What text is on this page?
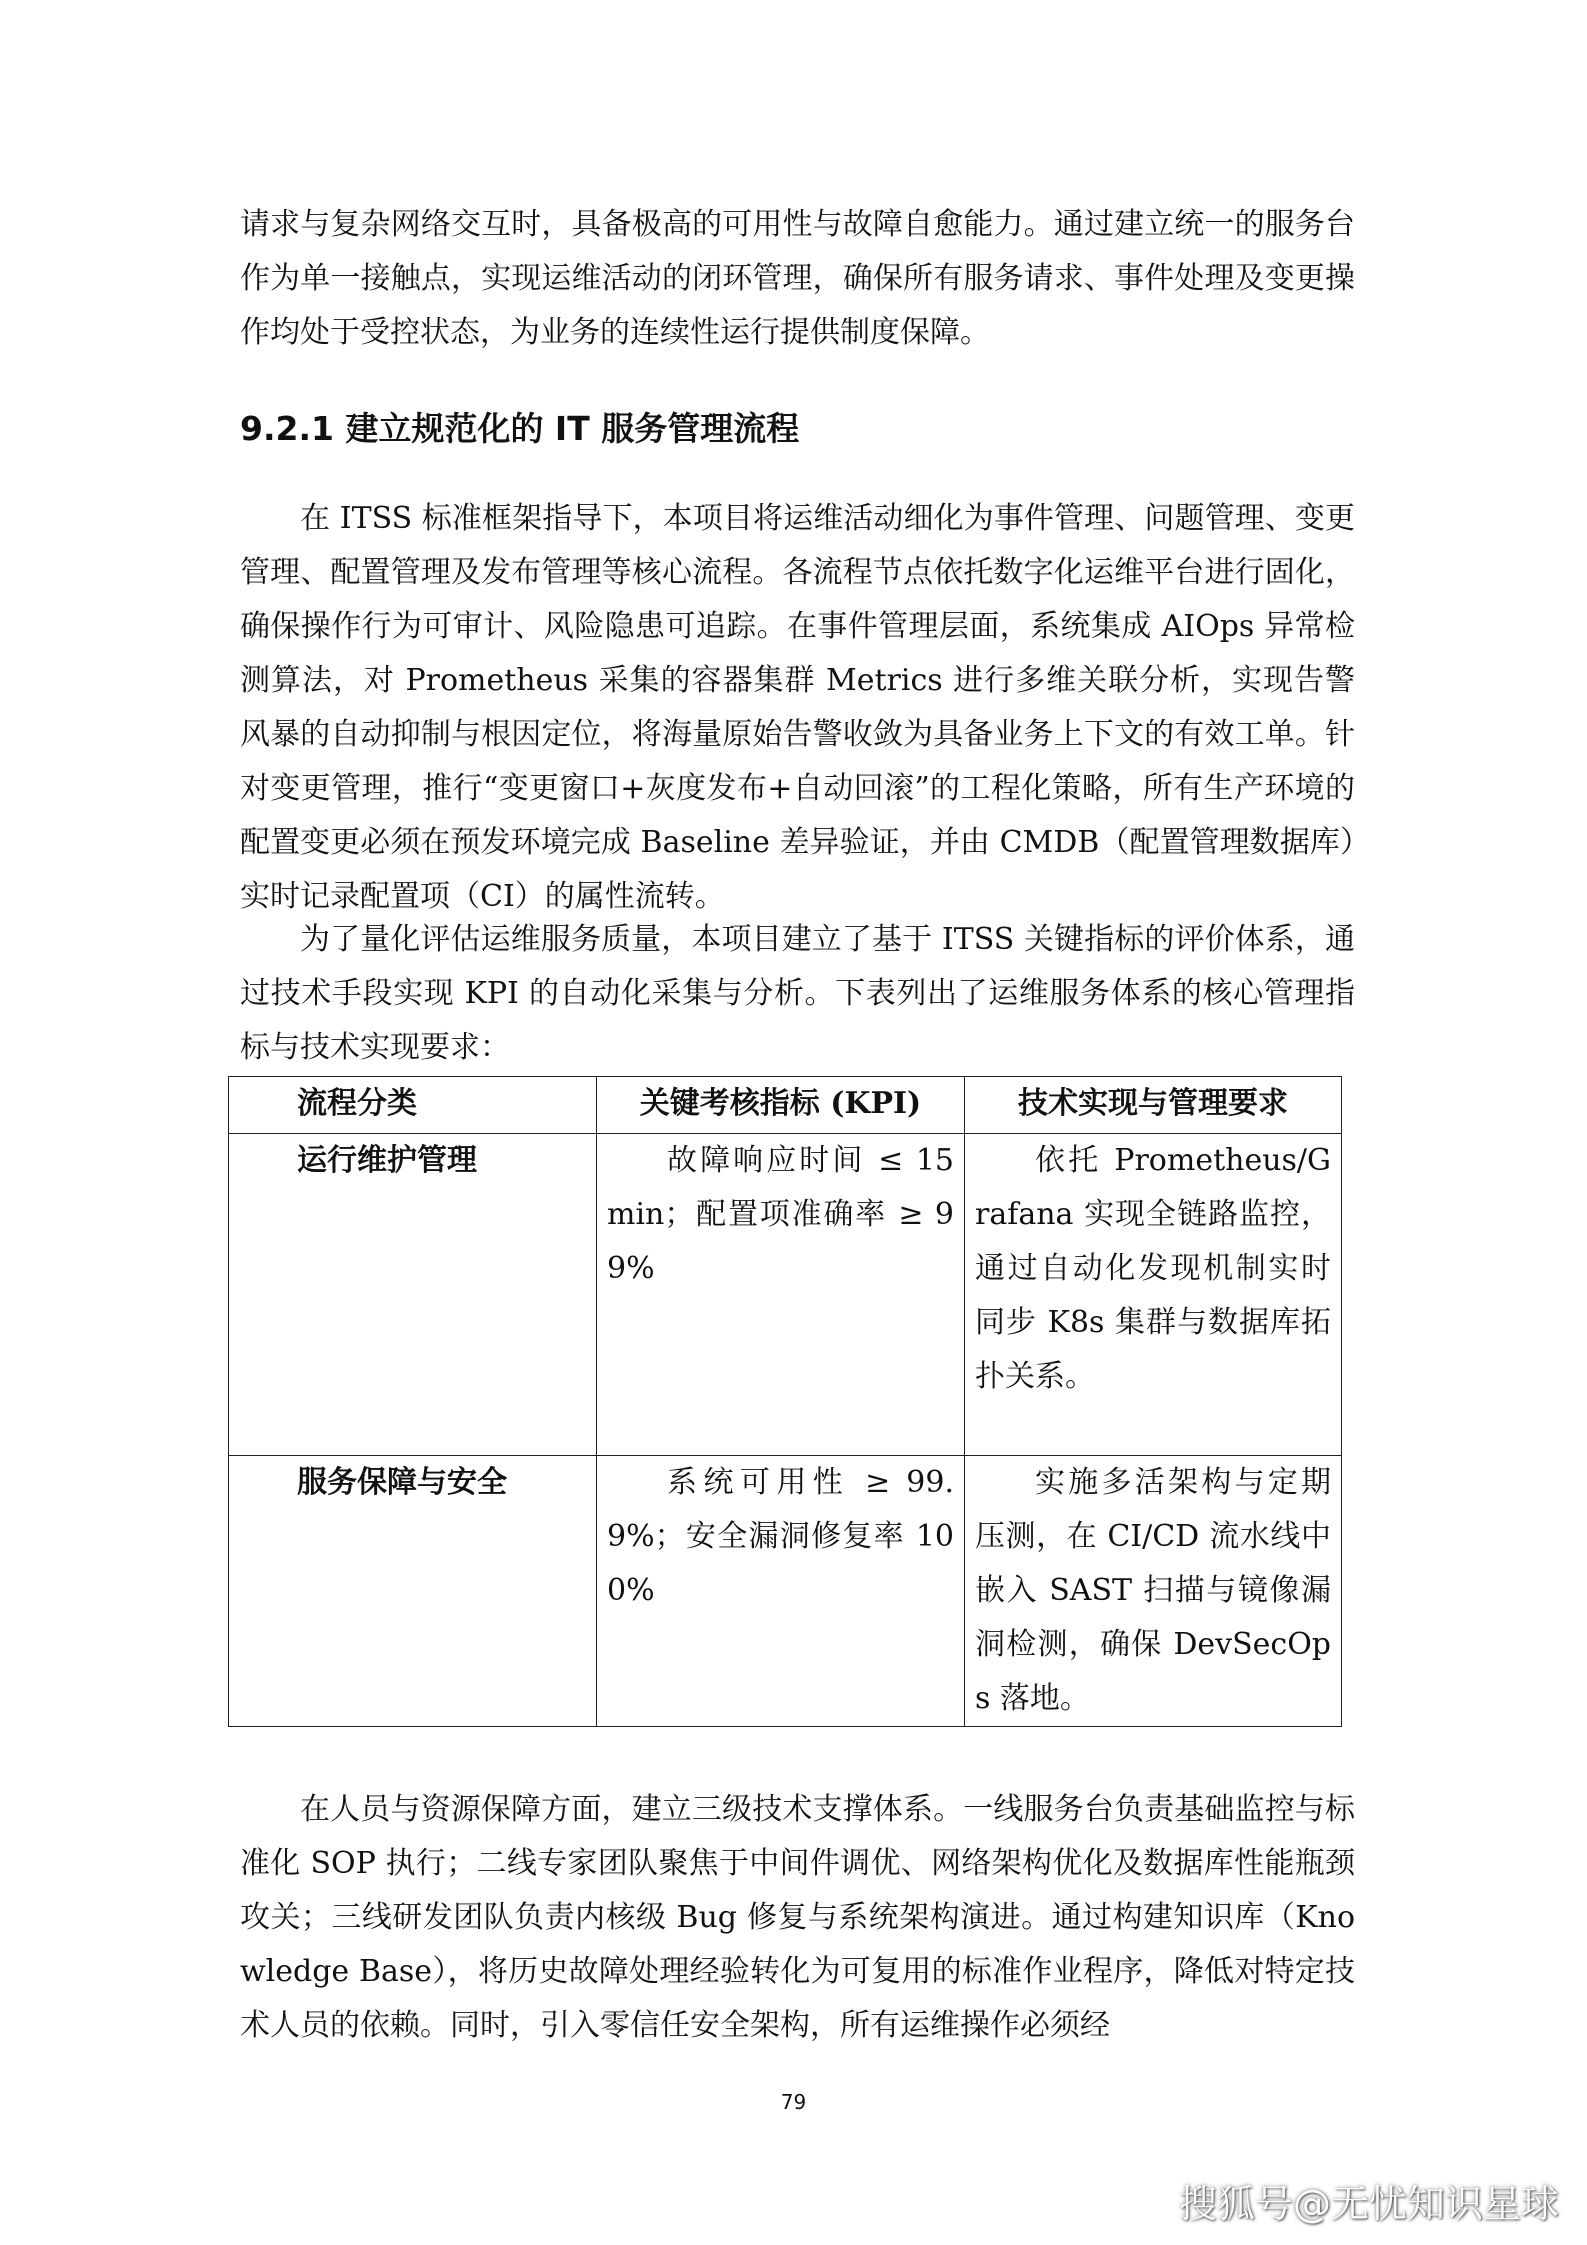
请求与复杂网络交互时，具备极高的可用性与故障自愈能力。通过建立统一的服务台作为单一接触点，实现运维活动的闭环管理，确保所有服务请求、事件处理及变更操作均处于受控状态，为业务的连续性运行提供制度保障。

9.2.1 建立规范化的 IT 服务管理流程

在 ITSS 标准框架指导下，本项目将运维活动细化为事件管理、问题管理、变更管理、配置管理及发布管理等核心流程。各流程节点依托数字化运维平台进行固化，确保操作行为可审计、风险隐患可追踪。在事件管理层面，系统集成 AIOps 异常检测算法，对 Prometheus 采集的容器集群 Metrics 进行多维关联分析，实现告警风暴的自动抑制与根因定位，将海量原始告警收敛为具备业务上下文的有效工单。针对变更管理，推行“变更窗口+灰度发布+自动回滚”的工程化策略，所有生产环境的配置变更必须在预发环境完成 Baseline 差异验证，并由 CMDB（配置管理数据库）实时记录配置项（CI）的属性流转。

为了量化评估运维服务质量，本项目建立了基于 ITSS 关键指标的评价体系，通过技术手段实现 KPI 的自动化采集与分析。下表列出了运维服务体系的核心管理指标与技术实现要求：

流程分类	关键考核指标 (KPI)	技术实现与管理要求
运行维护管理	故障响应时间 ≤ 15min；配置项准确率 ≥ 99%	依托 Prometheus/Grafana 实现全链路监控，通过自动化发现机制实时同步 K8s 集群与数据库拓扑关系。
服务保障与安全	系统可用性 ≥ 99.9%；安全漏洞修复率 100%	实施多活架构与定期压测，在 CI/CD 流水线中嵌入 SAST 扫描与镜像漏洞检测，确保 DevSecOps 落地。

在人员与资源保障方面，建立三级技术支撑体系。一线服务台负责基础监控与标准化 SOP 执行；二线专家团队聚焦于中间件调优、网络架构优化及数据库性能瓶颈攻关；三线研发团队负责内核级 Bug 修复与系统架构演进。通过构建知识库（Knowledge Base），将历史故障处理经验转化为可复用的标准作业程序，降低对特定技术人员的依赖。同时，引入零信任安全架构，所有运维操作必须经

79
搜狐号@无忧知识星球
